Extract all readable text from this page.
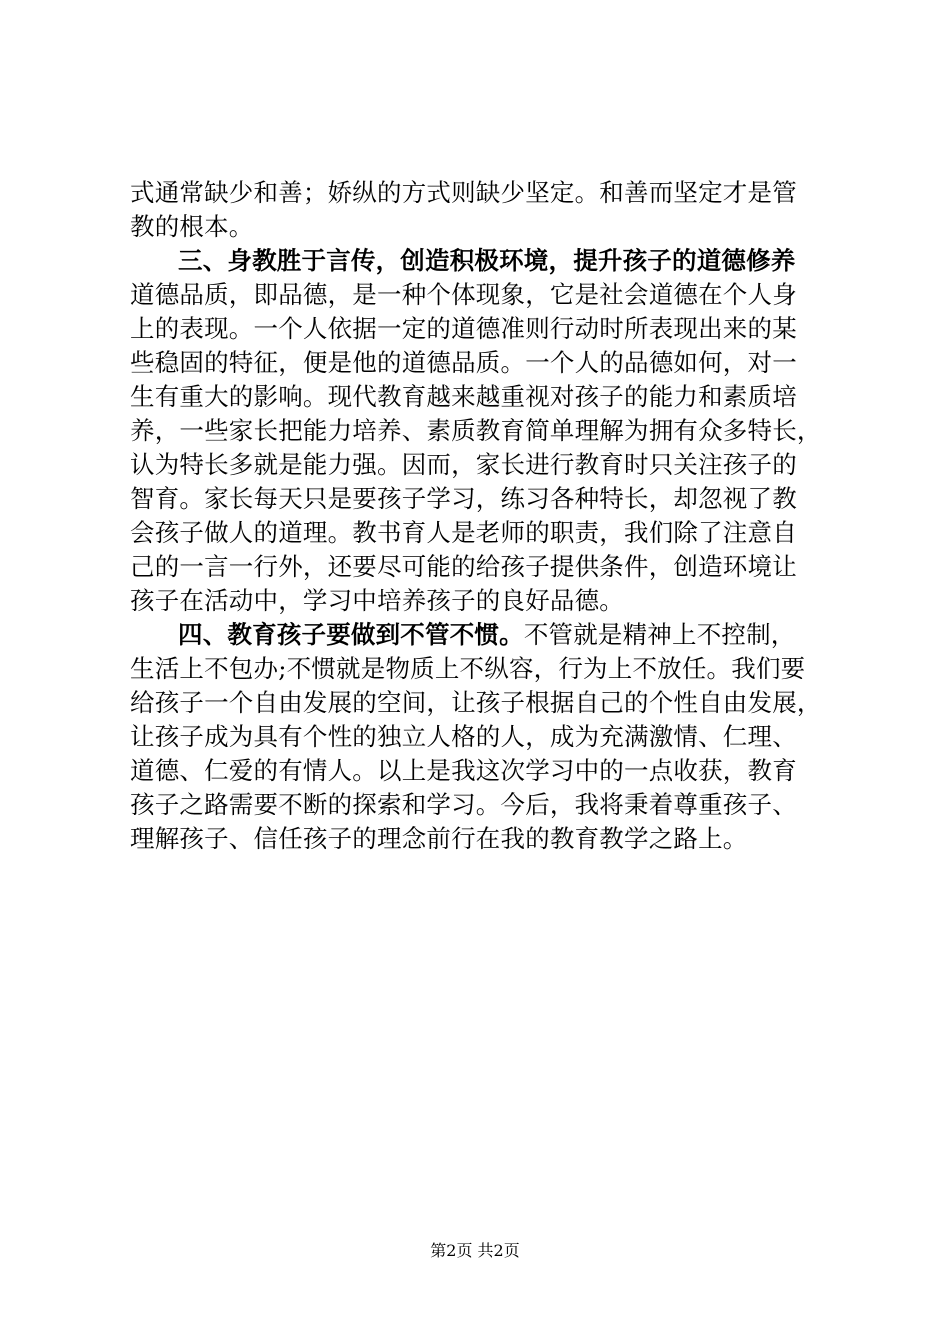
式通常缺少和善；娇纵的方式则缺少坚定。和善而坚定才是管
教的根本。
三、身教胜于言传，创造积极环境，提升孩子的道德修养
道德品质，即品德，是一种个体现象，它是社会道德在个人身
上的表现。一个人依据一定的道德准则行动时所表现出来的某
些稳固的特征，便是他的道德品质。一个人的品德如何，对一
生有重大的影响。现代教育越来越重视对孩子的能力和素质培
养，一些家长把能力培养、素质教育简单理解为拥有众多特长，
认为特长多就是能力强。因而，家长进行教育时只关注孩子的
智育。家长每天只是要孩子学习，练习各种特长，却忽视了教
会孩子做人的道理。教书育人是老师的职责，我们除了注意自
己的一言一行外，还要尽可能的给孩子提供条件，创造环境让
孩子在活动中，学习中培养孩子的良好品德。
四、教育孩子要做到不管不惯。不管就是精神上不控制，
生活上不包办;不惯就是物质上不纵容，行为上不放任。我们要
给孩子一个自由发展的空间，让孩子根据自己的个性自由发展，
让孩子成为具有个性的独立人格的人，成为充满激情、仁理、
道德、仁爱的有情人。以上是我这次学习中的一点收获，教育
孩子之路需要不断的探索和学习。今后，我将秉着尊重孩子、
理解孩子、信任孩子的理念前行在我的教育教学之路上。
第2页 共2页
